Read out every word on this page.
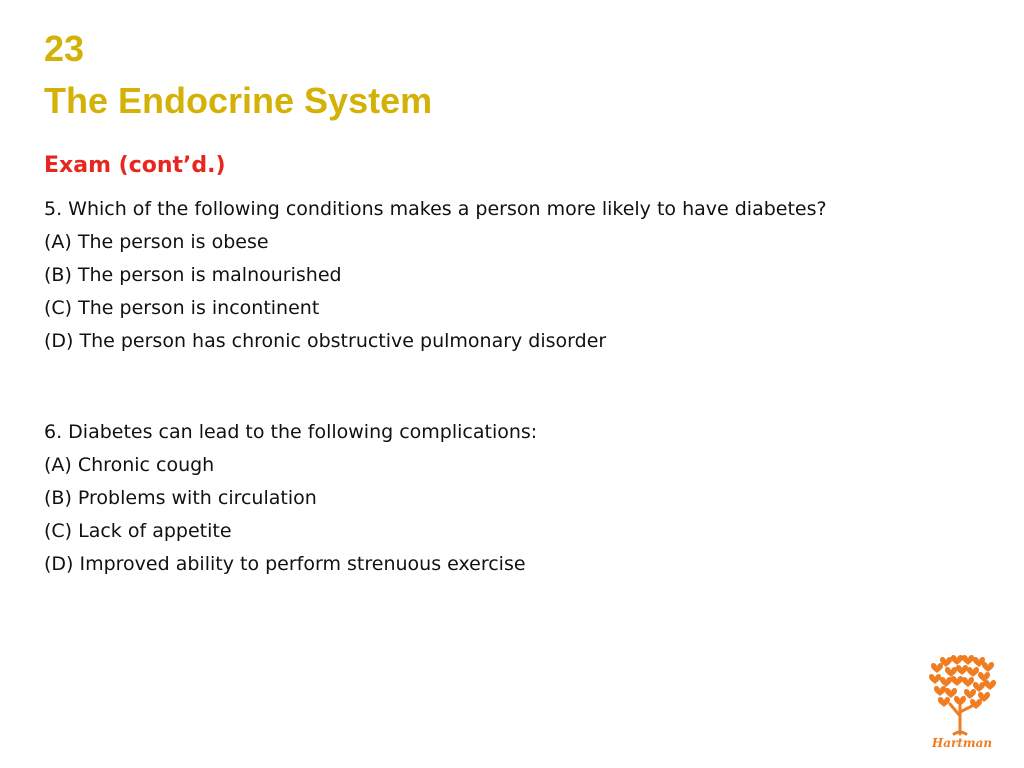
23
The Endocrine System
Exam (cont’d.)

5. Which of the following conditions makes a person more likely to have diabetes?

(A) The person is obese

(B) The person is malnourished

(C) The person is incontinent

(D) The person has chronic obstructive pulmonary disorder

6. Diabetes can lead to the following complications:

(A) Chronic cough

(B) Problems with circulation

(C) Lack of appetite

(D) Improved ability to perform strenuous exercise

Hartman
